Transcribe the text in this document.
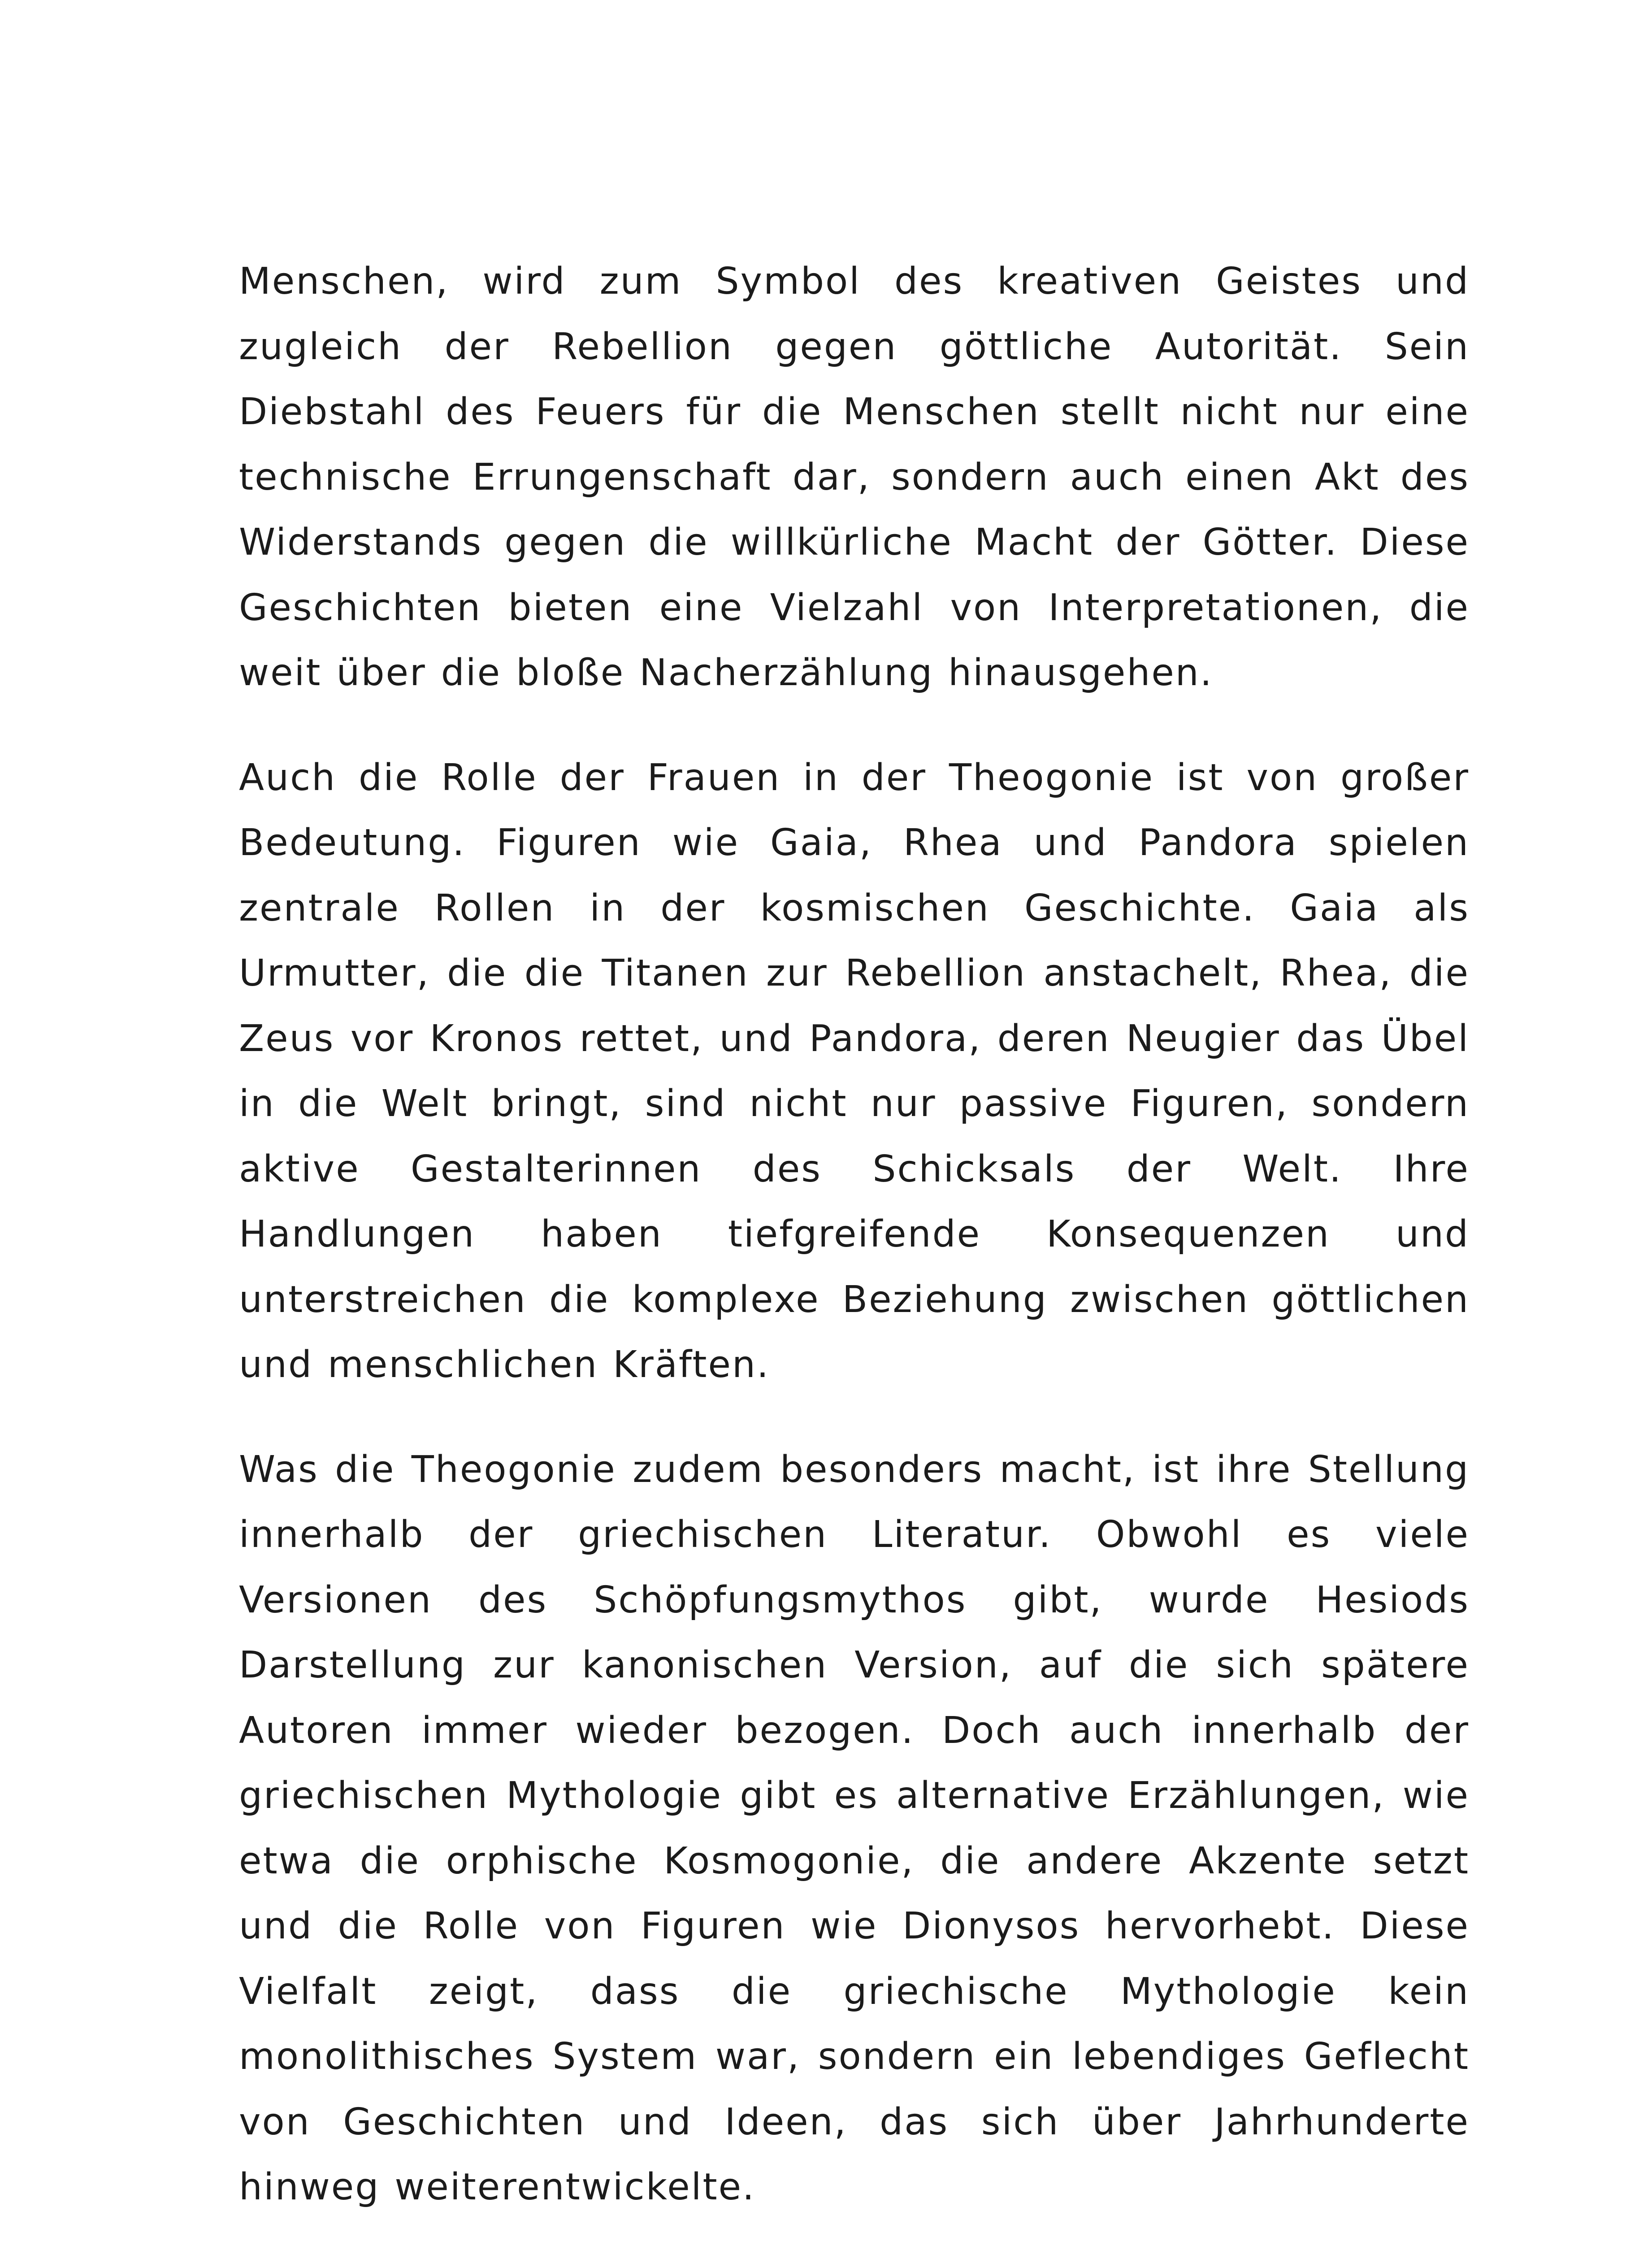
Menschen, wird zum Symbol des kreativen Geistes und zugleich der Rebellion gegen göttliche Autorität. Sein Diebstahl des Feuers für die Menschen stellt nicht nur eine technische Errungenschaft dar, sondern auch einen Akt des Widerstands gegen die willkürliche Macht der Götter. Diese Geschichten bieten eine Vielzahl von Interpretationen, die weit über die bloße Nacherzählung hinausgehen.

Auch die Rolle der Frauen in der Theogonie ist von großer Bedeutung. Figuren wie Gaia, Rhea und Pandora spielen zentrale Rollen in der kosmischen Geschichte. Gaia als Urmutter, die die Titanen zur Rebellion anstachelt, Rhea, die Zeus vor Kronos rettet, und Pandora, deren Neugier das Übel in die Welt bringt, sind nicht nur passive Figuren, sondern aktive Gestalterinnen des Schicksals der Welt. Ihre Handlungen haben tiefgreifende Konsequenzen und unterstreichen die komplexe Beziehung zwischen göttlichen und menschlichen Kräften.

Was die Theogonie zudem besonders macht, ist ihre Stellung innerhalb der griechischen Literatur. Obwohl es viele Versionen des Schöpfungsmythos gibt, wurde Hesiods Darstellung zur kanonischen Version, auf die sich spätere Autoren immer wieder bezogen. Doch auch innerhalb der griechischen Mythologie gibt es alternative Erzählungen, wie etwa die orphische Kosmogonie, die andere Akzente setzt und die Rolle von Figuren wie Dionysos hervorhebt. Diese Vielfalt zeigt, dass die griechische Mythologie kein monolithisches System war, sondern ein lebendiges Geflecht von Geschichten und Ideen, das sich über Jahrhunderte hinweg weiterentwickelte.
